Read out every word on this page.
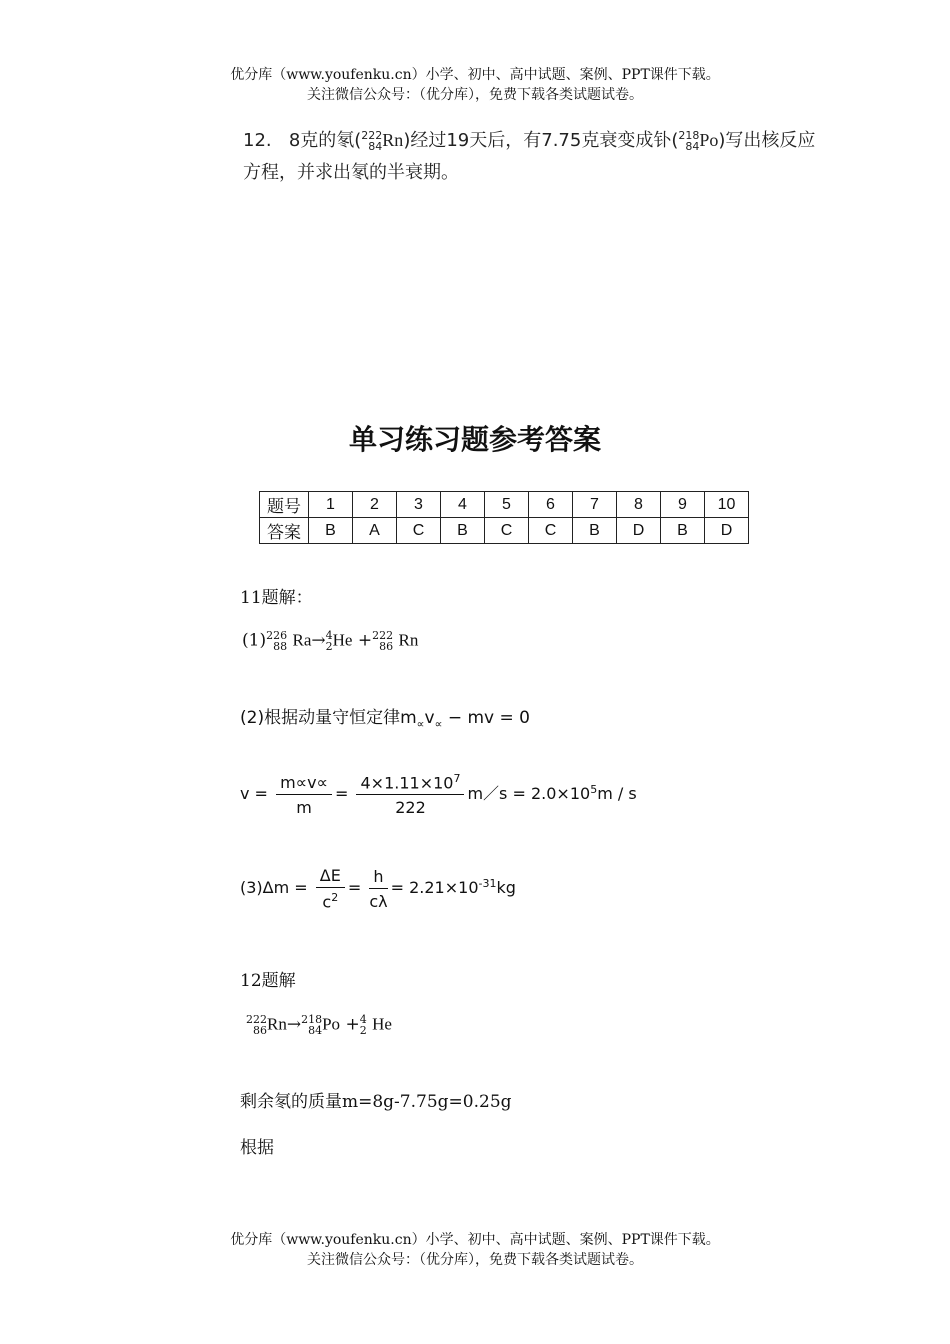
优分库（www.youfenku.cn）小学、初中、高中试题、案例、PPT课件下载。
关注微信公众号：（优分库），免费下载各类试题试卷。
12. 8克的氡( 222
84 Rn)经过19天后，有7.75克衰变成钋( 218
84 Po)写出核反应
方程，并求出氡的半衰期。
单习练习题参考答案
题号	1	2	3	4	5	6	7	8	9	10
答案	B	A	C	B	C	C	B	D	B	D
11题解：
(1) 226
88 Ra→ 4
2 He + 222
86 Rn
(2)根据动量守恒定律$m_\propto v_\propto$ − mv = 0
$v = \frac{m\propto v\propto}{m} = \frac{4\times 1.11\times 10^7}{222}$ m／s = $2.0\times 10^5m / s$
$(3)\Delta m = \frac{\Delta E}{c^2} = \frac{h}{c\lambda} = 2.21\times 10^{-31}kg$
12题解
222
86 Rn→ 218
84 Po + 4
2 He
剩余氡的质量m=8g-7.75g=0.25g
根据
优分库（www.youfenku.cn）小学、初中、高中试题、案例、PPT课件下载。
关注微信公众号：（优分库），免费下载各类试题试卷。
